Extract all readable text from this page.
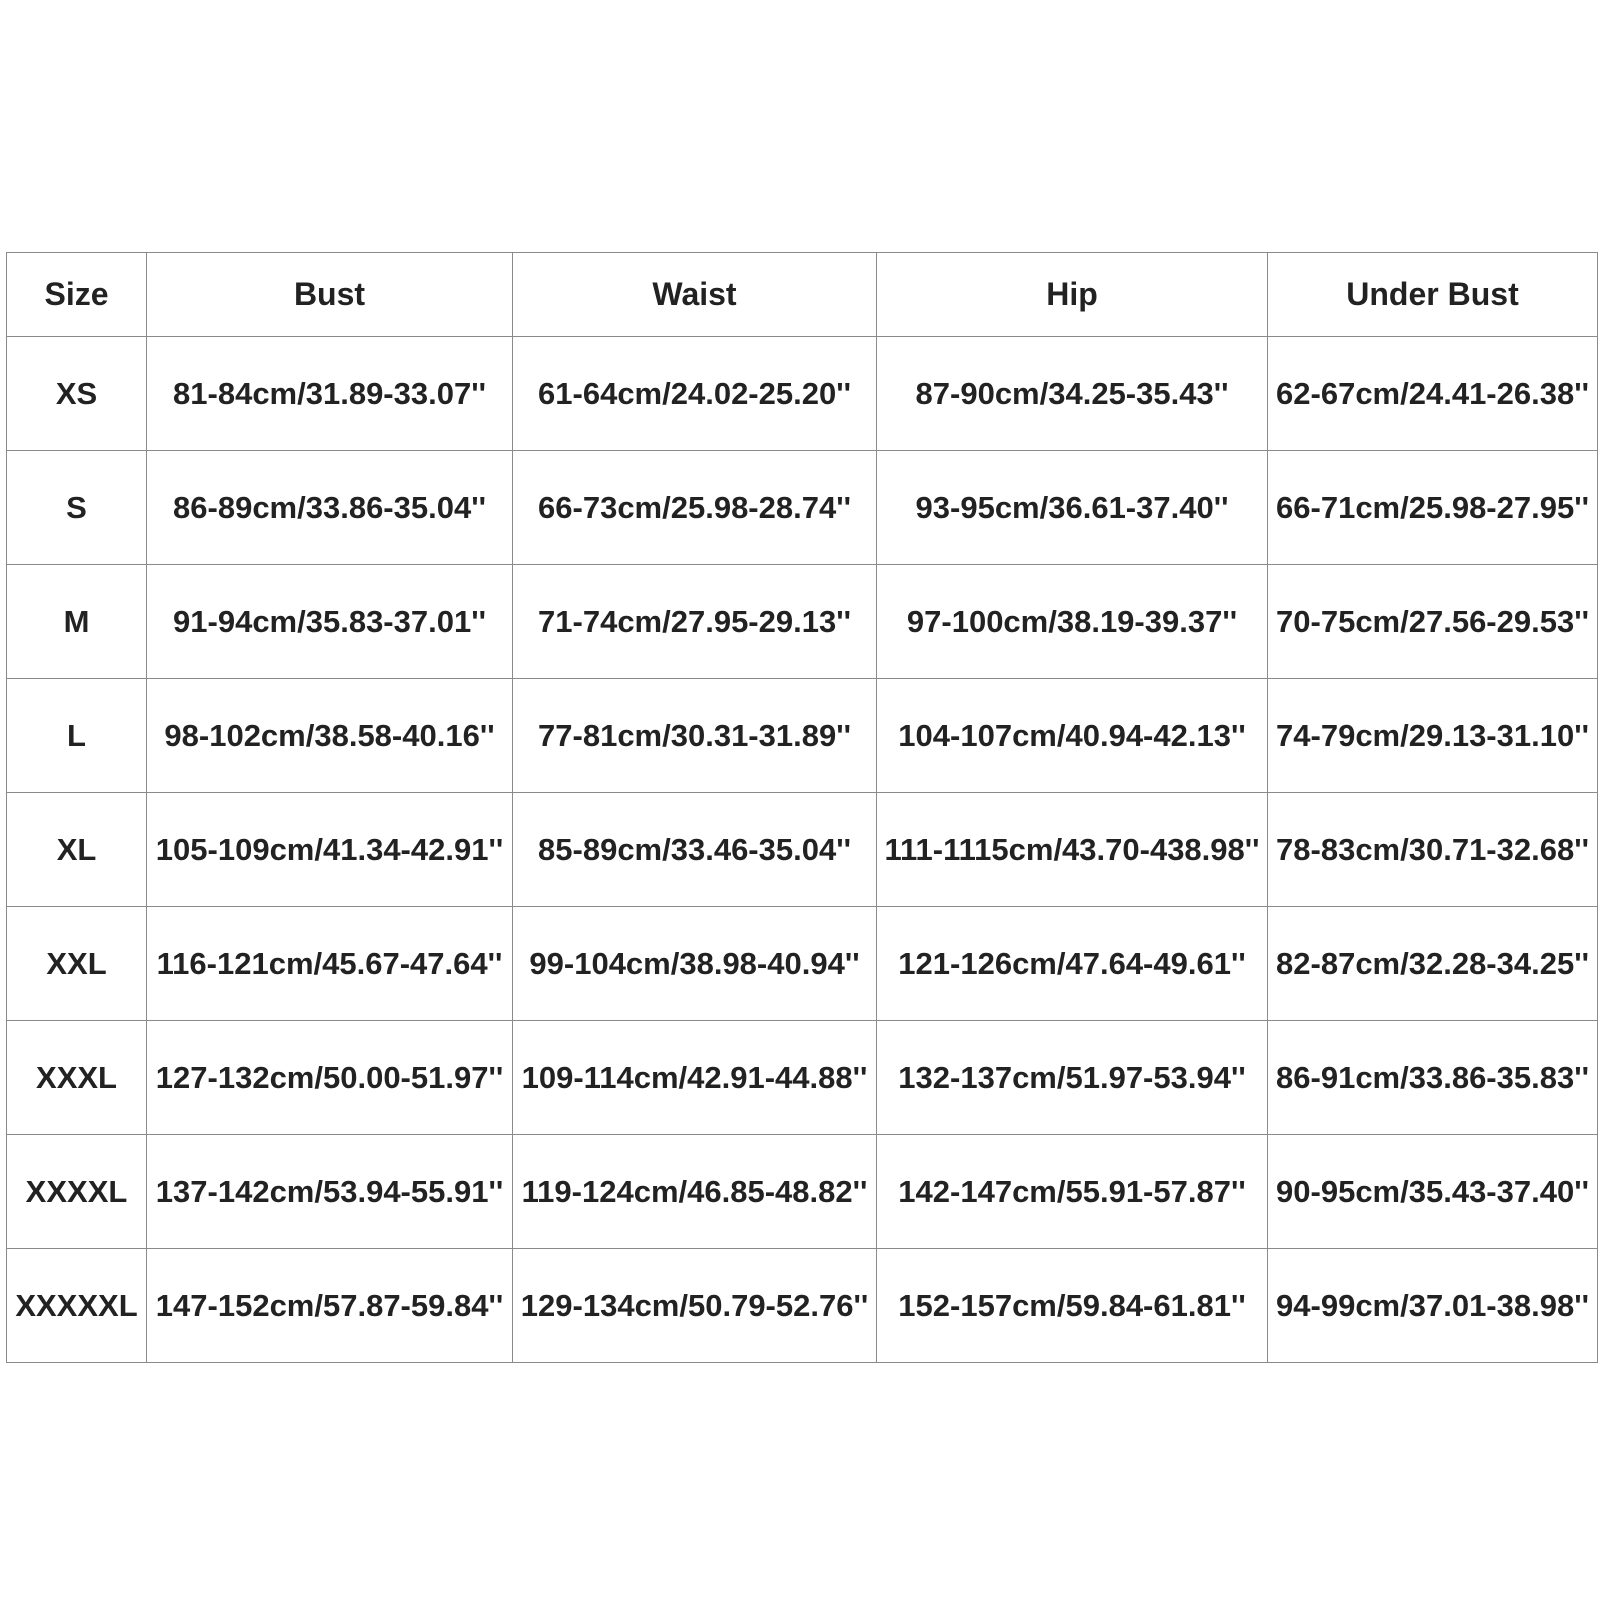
Size	Bust	Waist	Hip	Under Bust
XS	81-84cm/31.89-33.07''	61-64cm/24.02-25.20''	87-90cm/34.25-35.43''	62-67cm/24.41-26.38''
S	86-89cm/33.86-35.04''	66-73cm/25.98-28.74''	93-95cm/36.61-37.40''	66-71cm/25.98-27.95''
M	91-94cm/35.83-37.01''	71-74cm/27.95-29.13''	97-100cm/38.19-39.37''	70-75cm/27.56-29.53''
L	98-102cm/38.58-40.16''	77-81cm/30.31-31.89''	104-107cm/40.94-42.13''	74-79cm/29.13-31.10''
XL	105-109cm/41.34-42.91''	85-89cm/33.46-35.04''	111-1115cm/43.70-438.98''	78-83cm/30.71-32.68''
XXL	116-121cm/45.67-47.64''	99-104cm/38.98-40.94''	121-126cm/47.64-49.61''	82-87cm/32.28-34.25''
XXXL	127-132cm/50.00-51.97''	109-114cm/42.91-44.88''	132-137cm/51.97-53.94''	86-91cm/33.86-35.83''
XXXXL	137-142cm/53.94-55.91''	119-124cm/46.85-48.82''	142-147cm/55.91-57.87''	90-95cm/35.43-37.40''
XXXXXL	147-152cm/57.87-59.84''	129-134cm/50.79-52.76''	152-157cm/59.84-61.81''	94-99cm/37.01-38.98''
